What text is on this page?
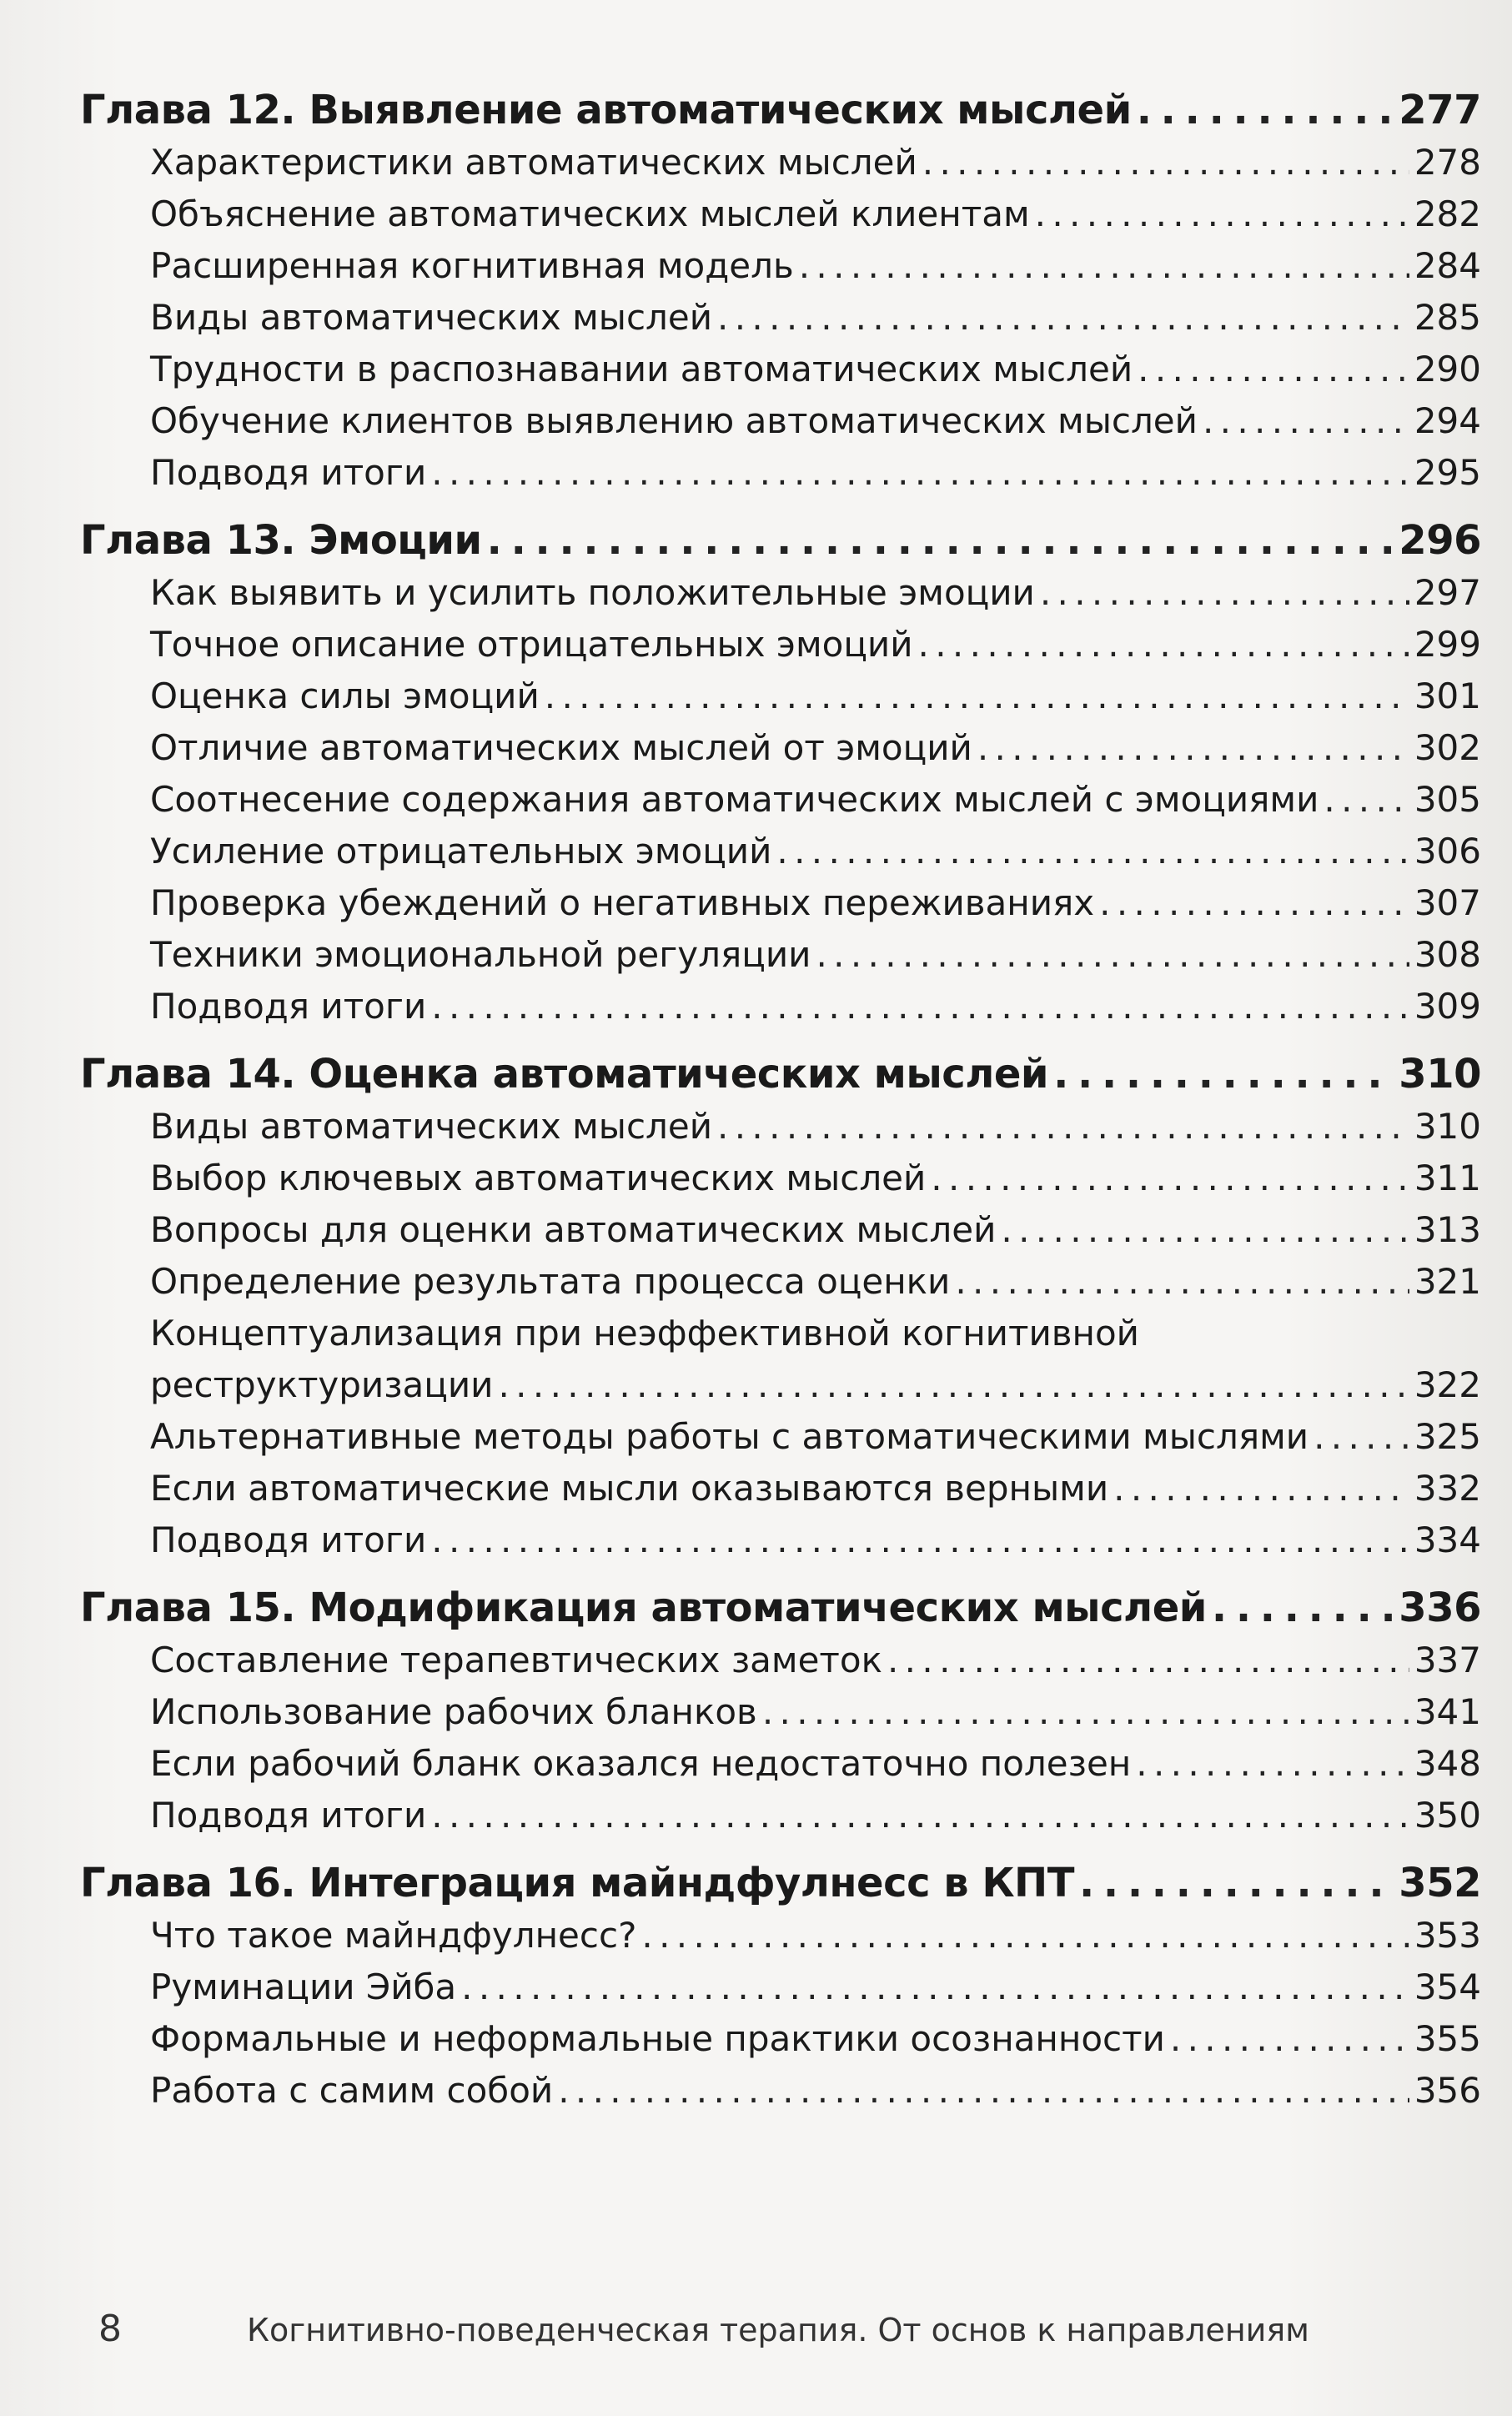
Глава 12. Выявление автоматических мыслей . . .	277
Характеристики автоматических мыслей . . .	278
Объяснение автоматических мыслей клиентам . . .	282
Расширенная когнитивная модель . . .	284
Виды автоматических мыслей . . .	285
Трудности в распознавании автоматических мыслей . . .	290
Обучение клиентов выявлению автоматических мыслей . . .	294
Подводя итоги . . .	295
Глава 13. Эмоции . . .	296
Как выявить и усилить положительные эмоции . . .	297
Точное описание отрицательных эмоций . . .	299
Оценка силы эмоций . . .	301
Отличие автоматических мыслей от эмоций . . .	302
Соотнесение содержания автоматических мыслей с эмоциями . . .	305
Усиление отрицательных эмоций . . .	306
Проверка убеждений о негативных переживаниях . . .	307
Техники эмоциональной регуляции . . .	308
Подводя итоги . . .	309
Глава 14. Оценка автоматических мыслей . . .	310
Виды автоматических мыслей . . .	310
Выбор ключевых автоматических мыслей . . .	311
Вопросы для оценки автоматических мыслей . . .	313
Определение результата процесса оценки . . .	321
Концептуализация при неэффективной когнитивной
реструктуризации . . .	322
Альтернативные методы работы с автоматическими мыслями . . .	325
Если автоматические мысли оказываются верными . . .	332
Подводя итоги . . .	334
Глава 15. Модификация автоматических мыслей . . .	336
Составление терапевтических заметок . . .	337
Использование рабочих бланков . . .	341
Если рабочий бланк оказался недостаточно полезен . . .	348
Подводя итоги . . .	350
Глава 16. Интеграция майндфулнесс в КПТ . . .	352
Что такое майндфулнесс? . . .	353
Руминации Эйба . . .	354
Формальные и неформальные практики осознанности . . .	355
Работа с самим собой . . .	356
8	Когнитивно-поведенческая терапия. От основ к направлениям
